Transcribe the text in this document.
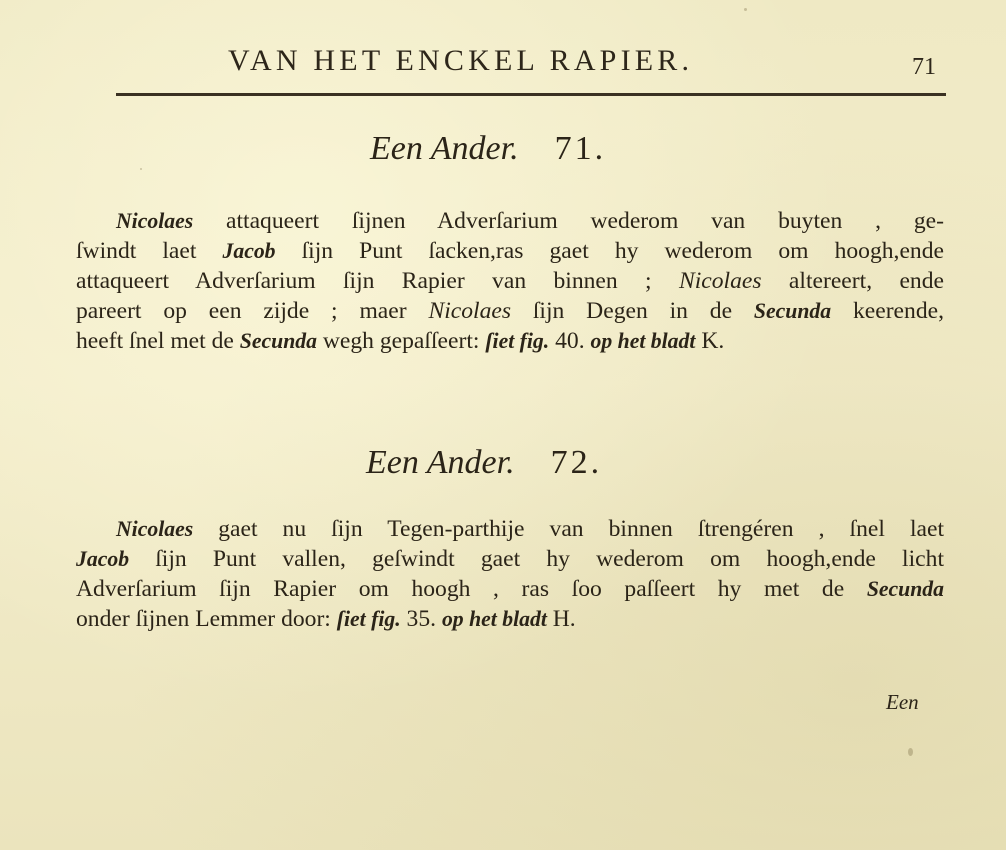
VAN HET ENCKEL RAPIER.	71
Een Ander. 71.
Nicolaes attaqueert ſijnen Adverſarium wederom van buyten , ge-
ſwindt laet Jacob ſijn Punt ſacken,ras gaet hy wederom om hoogh,ende
attaqueert Adverſarium ſijn Rapier van binnen ; Nicolaes altereert, ende
pareert op een zijde ; maer Nicolaes ſijn Degen in de Secunda keerende,
heeft ſnel met de Secunda wegh gepaſſeert: ſiet fig. 40. op het bladt K.
Een Ander. 72.
Nicolaes gaet nu ſijn Tegen-parthije van binnen ſtrengéren , ſnel laet
Jacob ſijn Punt vallen, geſwindt gaet hy wederom om hoogh,ende licht
Adverſarium ſijn Rapier om hoogh , ras ſoo paſſeert hy met de Secunda
onder ſijnen Lemmer door: ſiet fig. 35. op het bladt H.
Een
